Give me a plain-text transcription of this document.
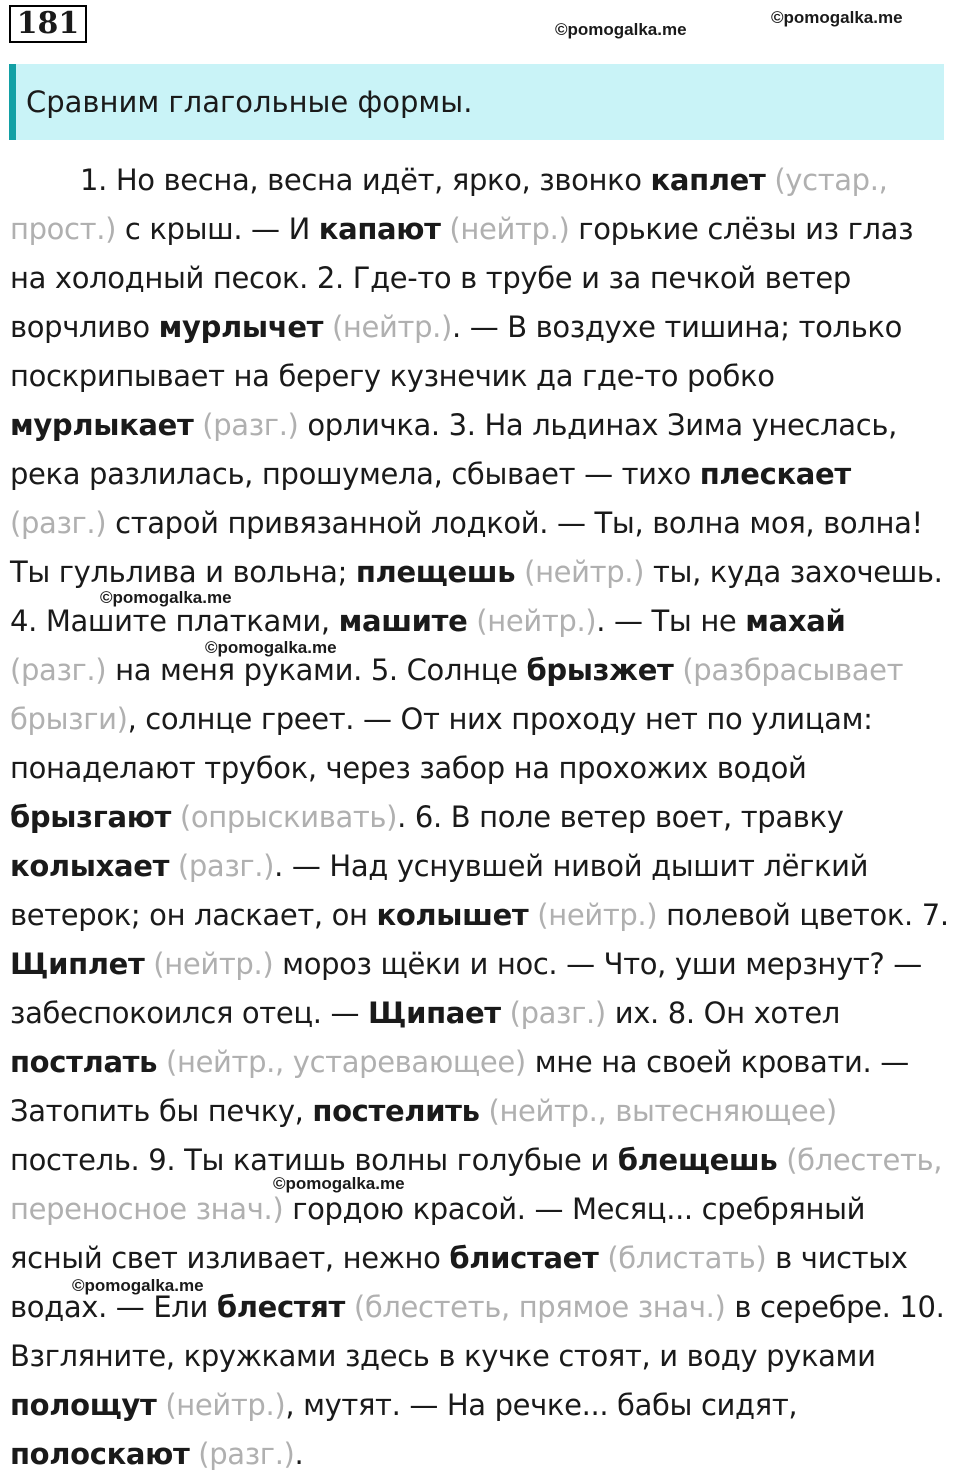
181	©pomogalka.me
©pomogalka.me
©pomogalka.me
©pomogalka.me
©pomogalka.me
©pomogalka.me
Сравним глагольные формы.
1. Но весна, весна идёт, ярко, звонко каплет (устар.,
прост.) с крыш. — И капают (нейтр.) горькие слёзы из глаз
на холодный песок. 2. Где-то в трубе и за печкой ветер
ворчливо мурлычет (нейтр.). — В воздухе тишина; только
поскрипывает на берегу кузнечик да где-то робко
мурлыкает (разг.) орличка. 3. На льдинах Зима унеслась,
река разлилась, прошумела, сбывает — тихо плескает
(разг.) старой привязанной лодкой. — Ты, волна моя, волна!
Ты гульлива и вольна; плещешь (нейтр.) ты, куда захочешь.
4. Машите платками, машите (нейтр.). — Ты не махай
(разг.) на меня руками. 5. Солнце брызжет (разбрасывает
брызги), солнце греет. — От них проходу нет по улицам:
понаделают трубок, через забор на прохожих водой
брызгают (опрыскивать). 6. В поле ветер воет, травку
колыхает (разг.). — Над уснувшей нивой дышит лёгкий
ветерок; он ласкает, он колышет (нейтр.) полевой цветок. 7.
Щиплет (нейтр.) мороз щёки и нос. — Что, уши мерзнут? —
забеспокоился отец. — Щипает (разг.) их. 8. Он хотел
постлать (нейтр., устаревающее) мне на своей кровати. —
Затопить бы печку, постелить (нейтр., вытесняющее)
постель. 9. Ты катишь волны голубые и блещешь (блестеть,
переносное знач.) гордою красой. — Месяц... сребряный
ясный свет изливает, нежно блистает (блистать) в чистых
водах. — Ели блестят (блестеть, прямое знач.) в серебре. 10.
Взгляните, кружками здесь в кучке стоят, и воду руками
полощут (нейтр.), мутят. — На речке... бабы сидят,
полоскают (разг.).
